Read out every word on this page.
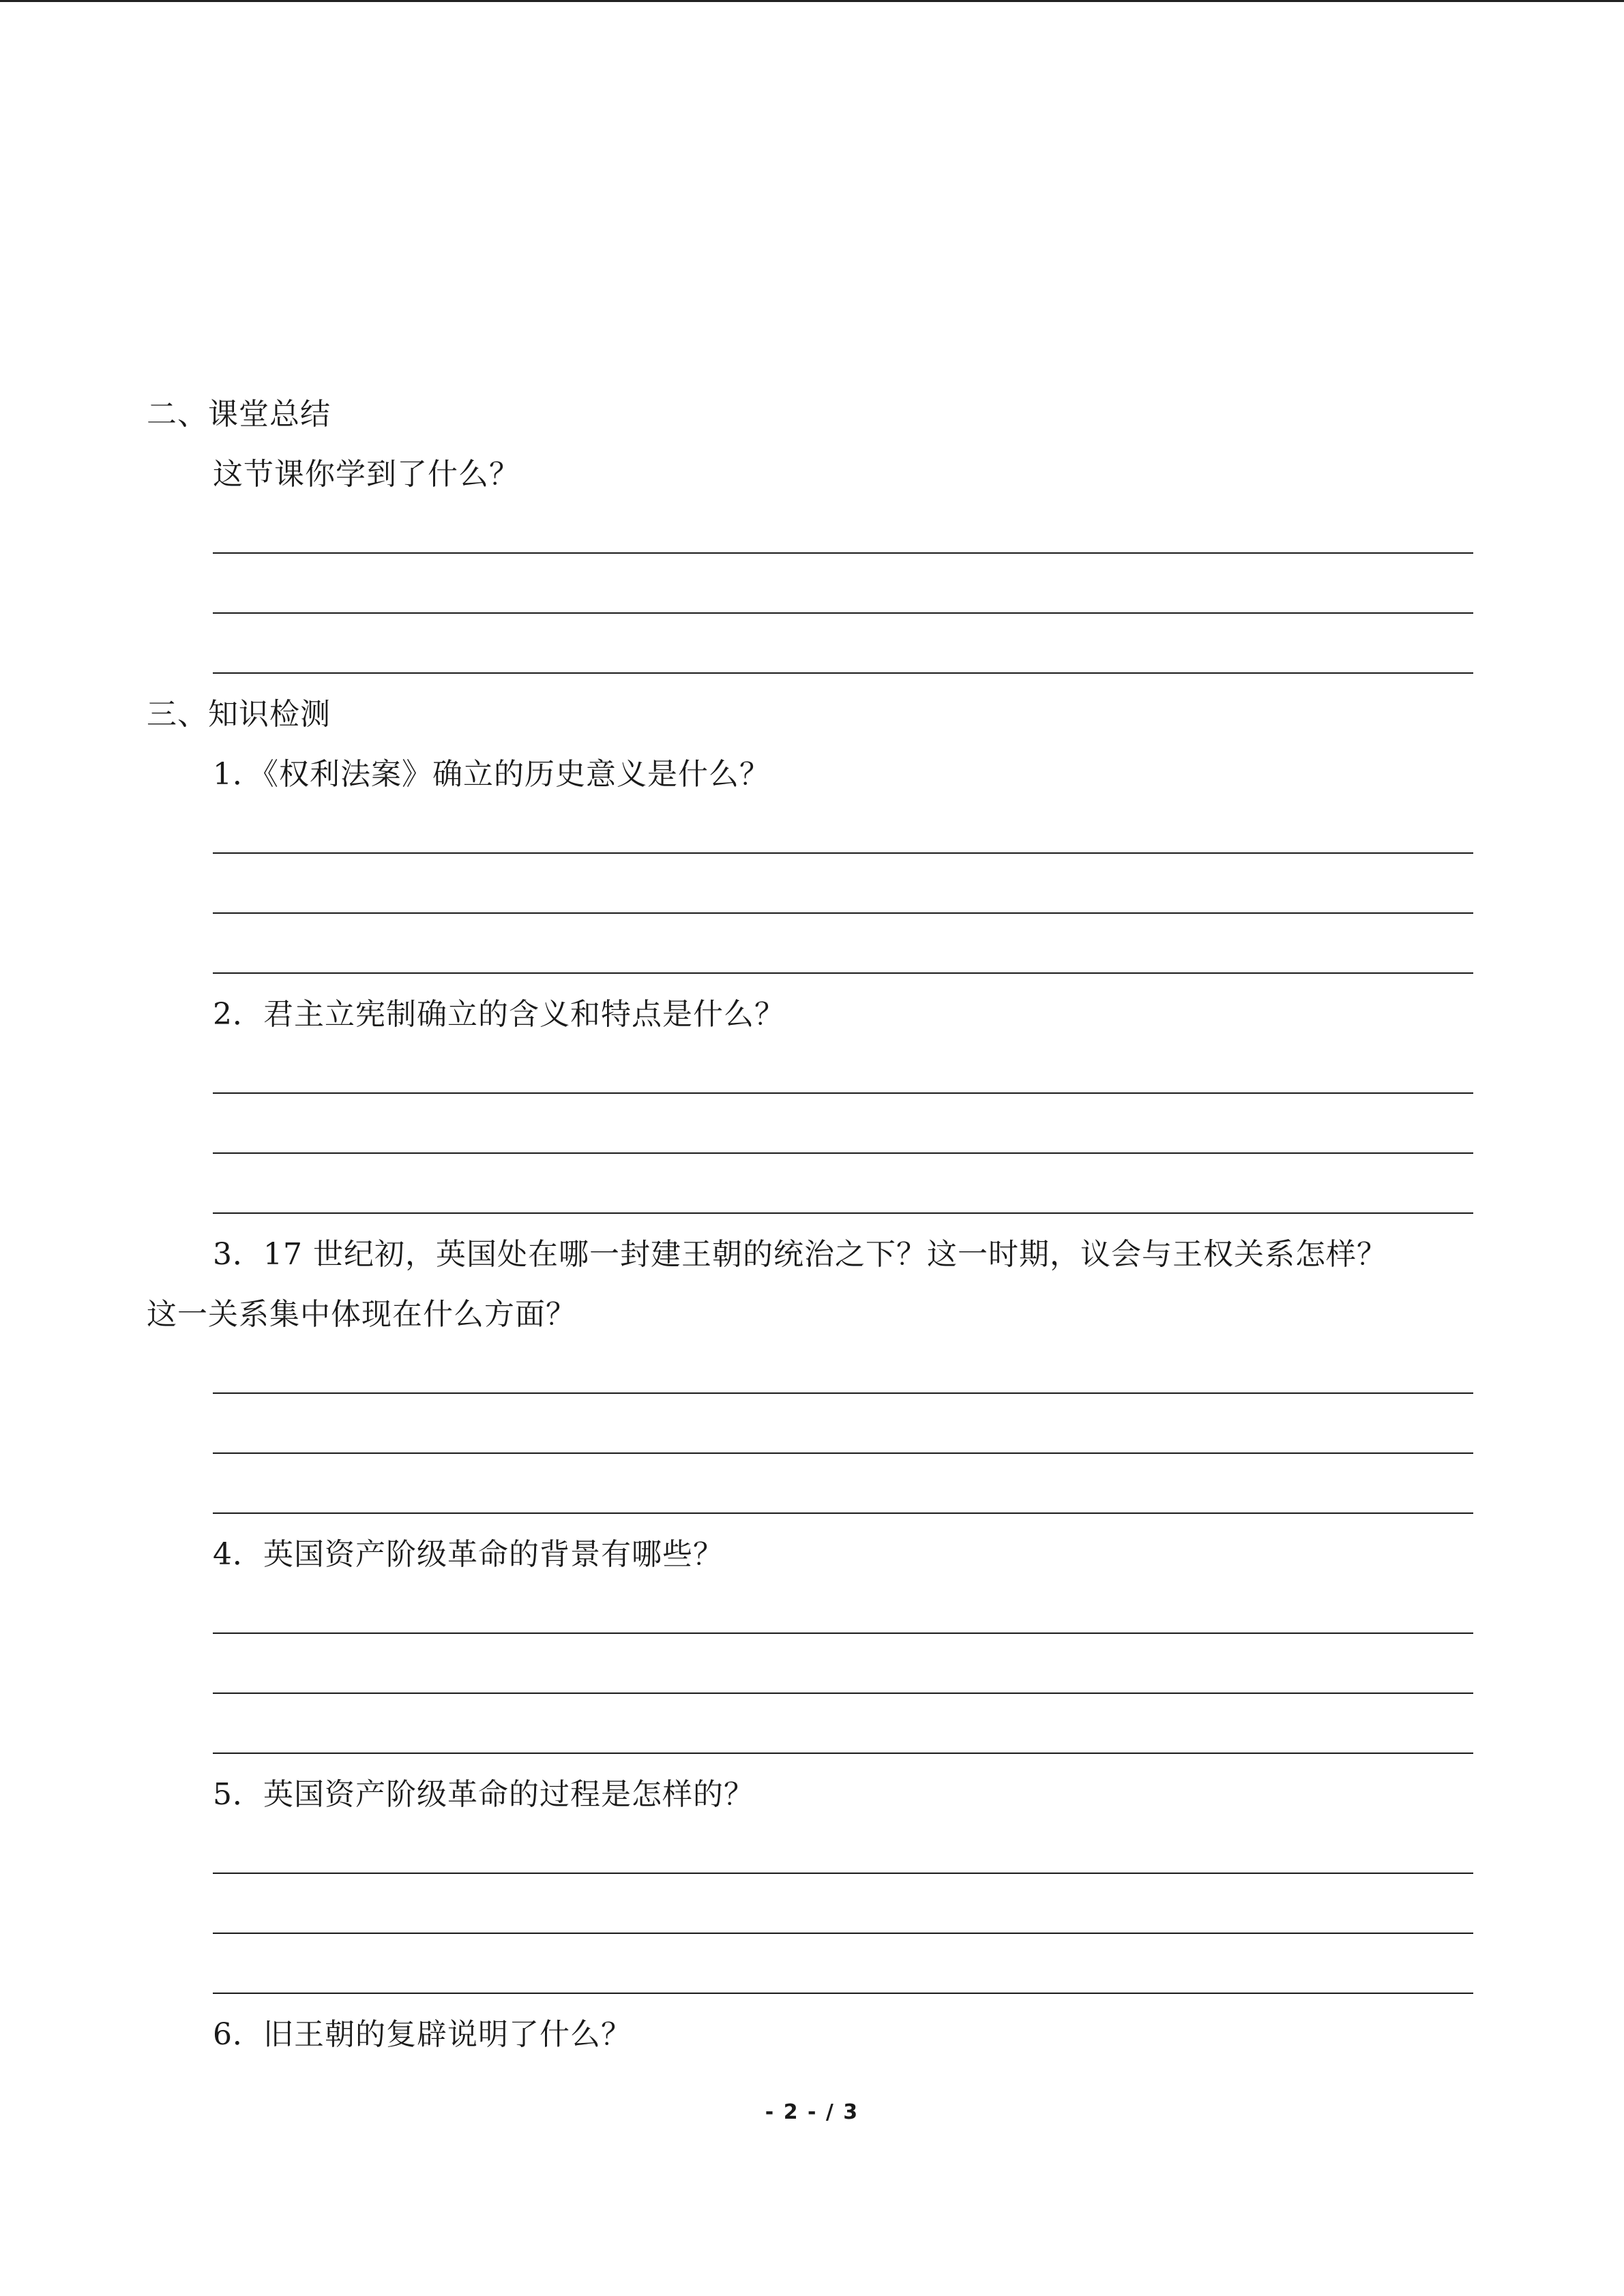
二、课堂总结
这节课你学到了什么？
三、知识检测
1．《权利法案》确立的历史意义是什么？
2．君主立宪制确立的含义和特点是什么？
3．17 世纪初，英国处在哪一封建王朝的统治之下？这一时期，议会与王权关系怎样？
这一关系集中体现在什么方面？
4．英国资产阶级革命的背景有哪些？
5．英国资产阶级革命的过程是怎样的？
6．旧王朝的复辟说明了什么？
- 2 - / 3
